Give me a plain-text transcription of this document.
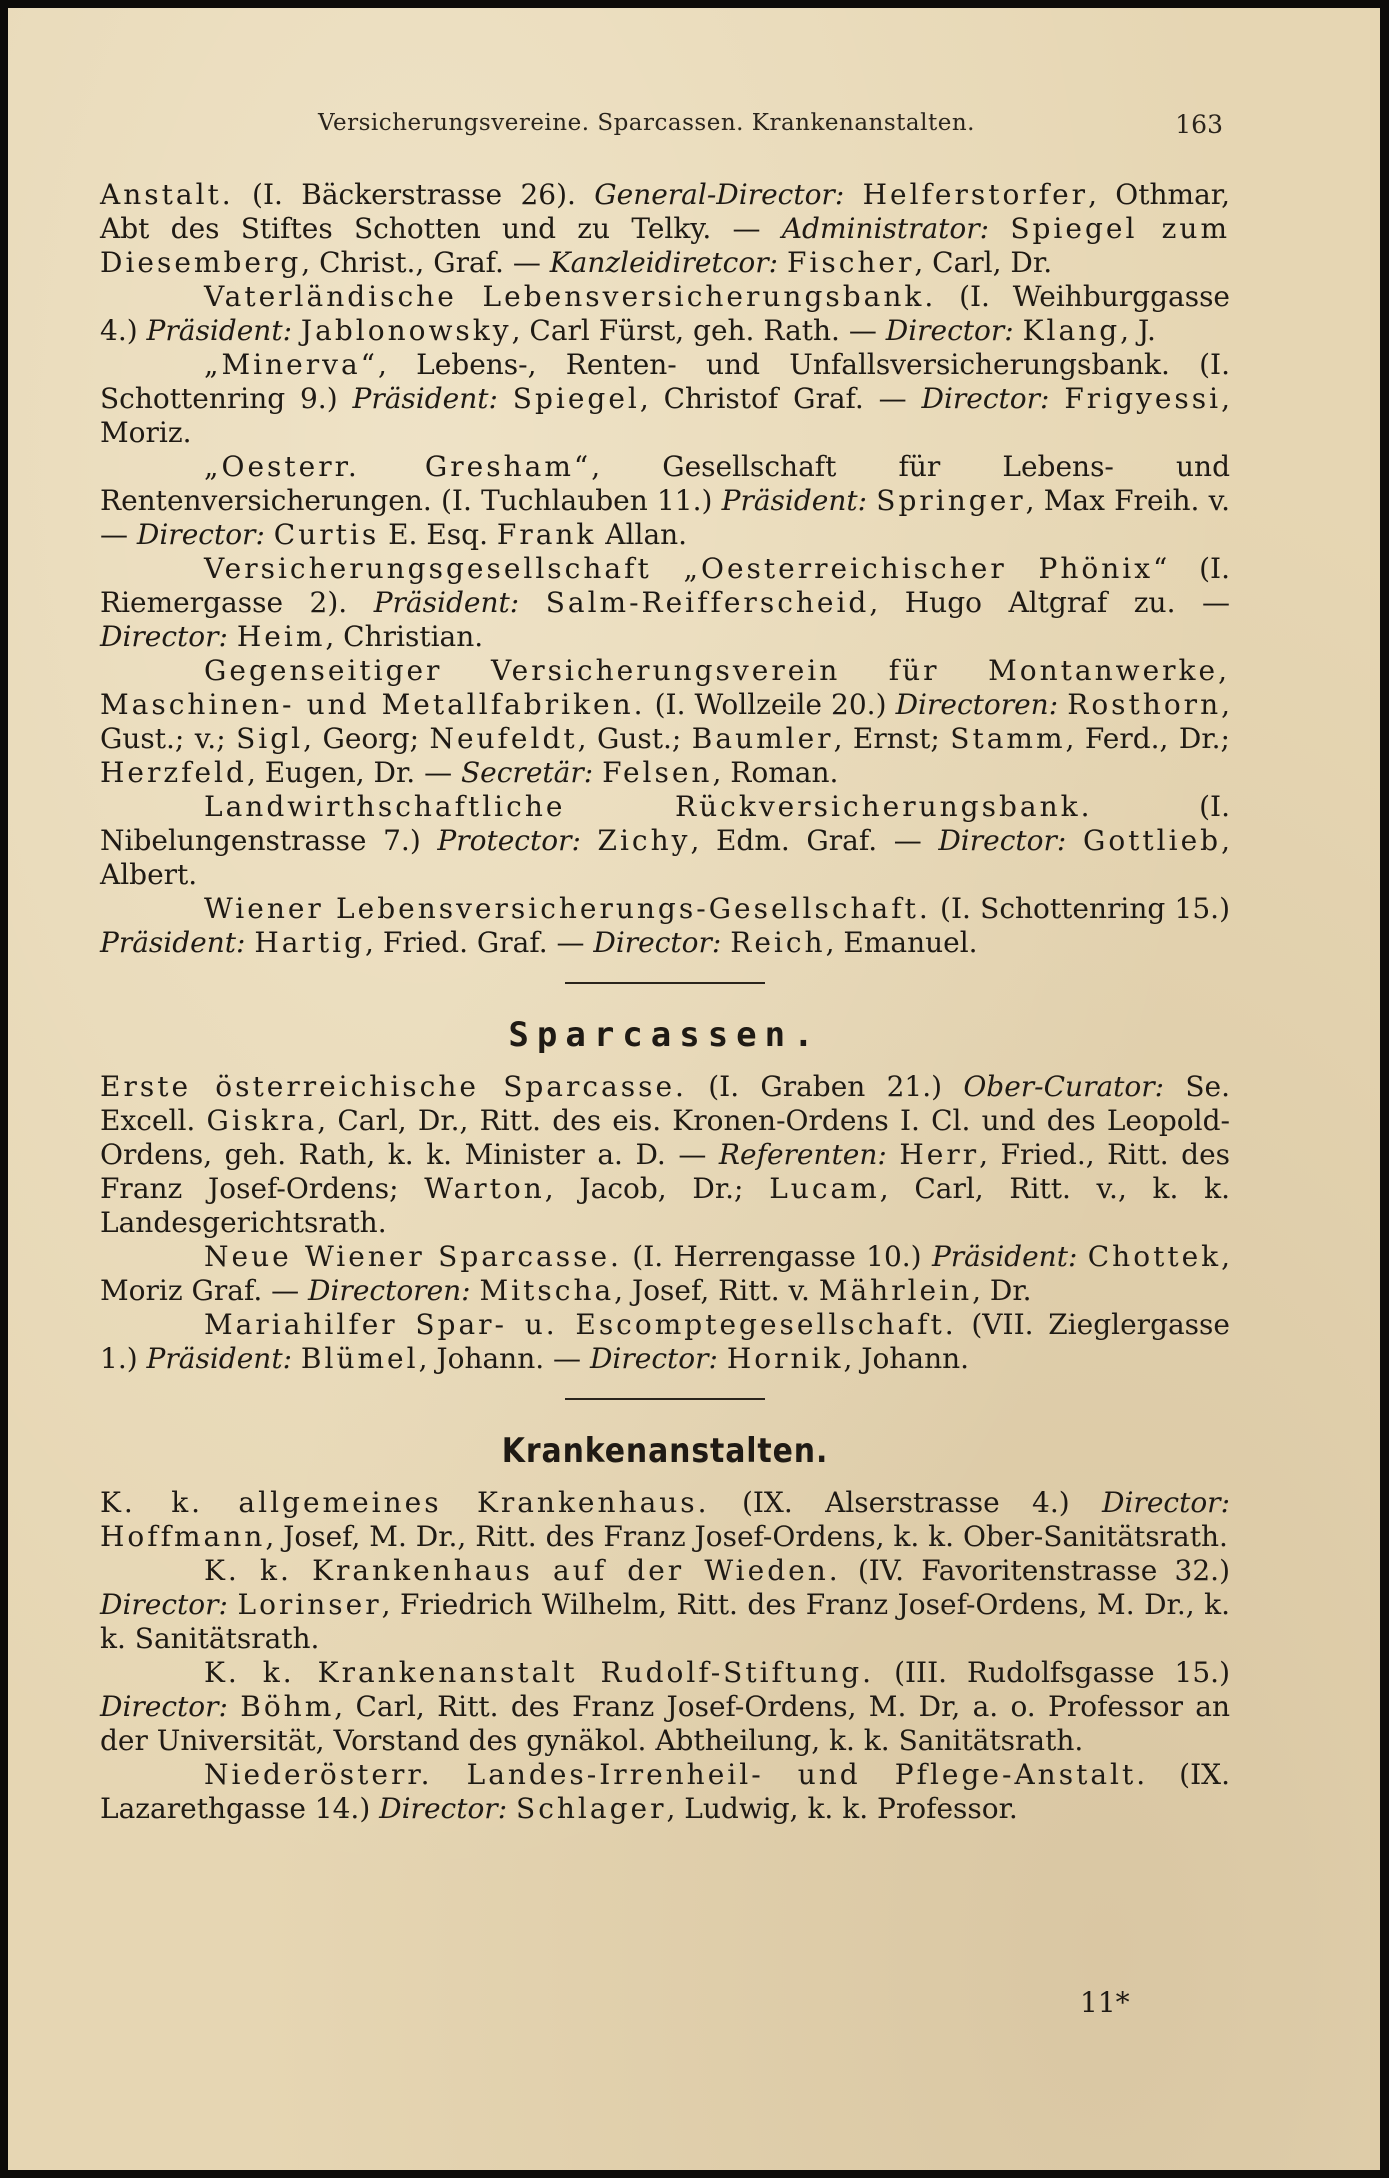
Versicherungsvereine. Sparcassen. Krankenanstalten.	163

Anstalt. (I. Bäckerstrasse 26). General-Director: Helferstorfer, Othmar, Abt des Stiftes Schotten und zu Telky. — Administrator: Spiegel zum Diesemberg, Christ., Graf. — Kanzleidiretcor: Fischer, Carl, Dr.

Vaterländische Lebensversicherungsbank. (I. Weihburggasse 4.) Präsident: Jablonowsky, Carl Fürst, geh. Rath. — Director: Klang, J.

„Minerva“, Lebens-, Renten- und Unfallsversicherungsbank. (I. Schottenring 9.) Präsident: Spiegel, Christof Graf. — Director: Frigyessi, Moriz.

„Oesterr. Gresham“, Gesellschaft für Lebens- und Rentenversicherungen. (I. Tuchlauben 11.) Präsident: Springer, Max Freih. v. — Director: Curtis E. Esq. Frank Allan.

Versicherungsgesellschaft „Oesterreichischer Phönix“ (I. Riemergasse 2). Präsident: Salm-Reifferscheid, Hugo Altgraf zu. — Director: Heim, Christian.

Gegenseitiger Versicherungsverein für Montanwerke, Maschinen- und Metallfabriken. (I. Wollzeile 20.) Directoren: Rosthorn, Gust.; v.; Sigl, Georg; Neufeldt, Gust.; Baumler, Ernst; Stamm, Ferd., Dr.; Herzfeld, Eugen, Dr. — Secretär: Felsen, Roman.

Landwirthschaftliche Rückversicherungsbank. (I. Nibelungenstrasse 7.) Protector: Zichy, Edm. Graf. — Director: Gottlieb, Albert.

Wiener Lebensversicherungs-Gesellschaft. (I. Schottenring 15.) Präsident: Hartig, Fried. Graf. — Director: Reich, Emanuel.

Sparcassen.

Erste österreichische Sparcasse. (I. Graben 21.) Ober-Curator: Se. Excell. Giskra, Carl, Dr., Ritt. des eis. Kronen-Ordens I. Cl. und des Leopold-Ordens, geh. Rath, k. k. Minister a. D. — Referenten: Herr, Fried., Ritt. des Franz Josef-Ordens; Warton, Jacob, Dr.; Lucam, Carl, Ritt. v., k. k. Landesgerichtsrath.

Neue Wiener Sparcasse. (I. Herrengasse 10.) Präsident: Chottek, Moriz Graf. — Directoren: Mitscha, Josef, Ritt. v. Mährlein, Dr.

Mariahilfer Spar- u. Escomptegesellschaft. (VII. Zieglergasse 1.) Präsident: Blümel, Johann. — Director: Hornik, Johann.

Krankenanstalten.

K. k. allgemeines Krankenhaus. (IX. Alserstrasse 4.) Director: Hoffmann, Josef, M. Dr., Ritt. des Franz Josef-Ordens, k. k. Ober-Sanitätsrath.

K. k. Krankenhaus auf der Wieden. (IV. Favoritenstrasse 32.) Director: Lorinser, Friedrich Wilhelm, Ritt. des Franz Josef-Ordens, M. Dr., k. k. Sanitätsrath.

K. k. Krankenanstalt Rudolf-Stiftung. (III. Rudolfsgasse 15.) Director: Böhm, Carl, Ritt. des Franz Josef-Ordens, M. Dr, a. o. Professor an der Universität, Vorstand des gynäkol. Abtheilung, k. k. Sanitätsrath.

Niederösterr. Landes-Irrenheil- und Pflege-Anstalt. (IX. Lazarethgasse 14.) Director: Schlager, Ludwig, k. k. Professor.

11*
